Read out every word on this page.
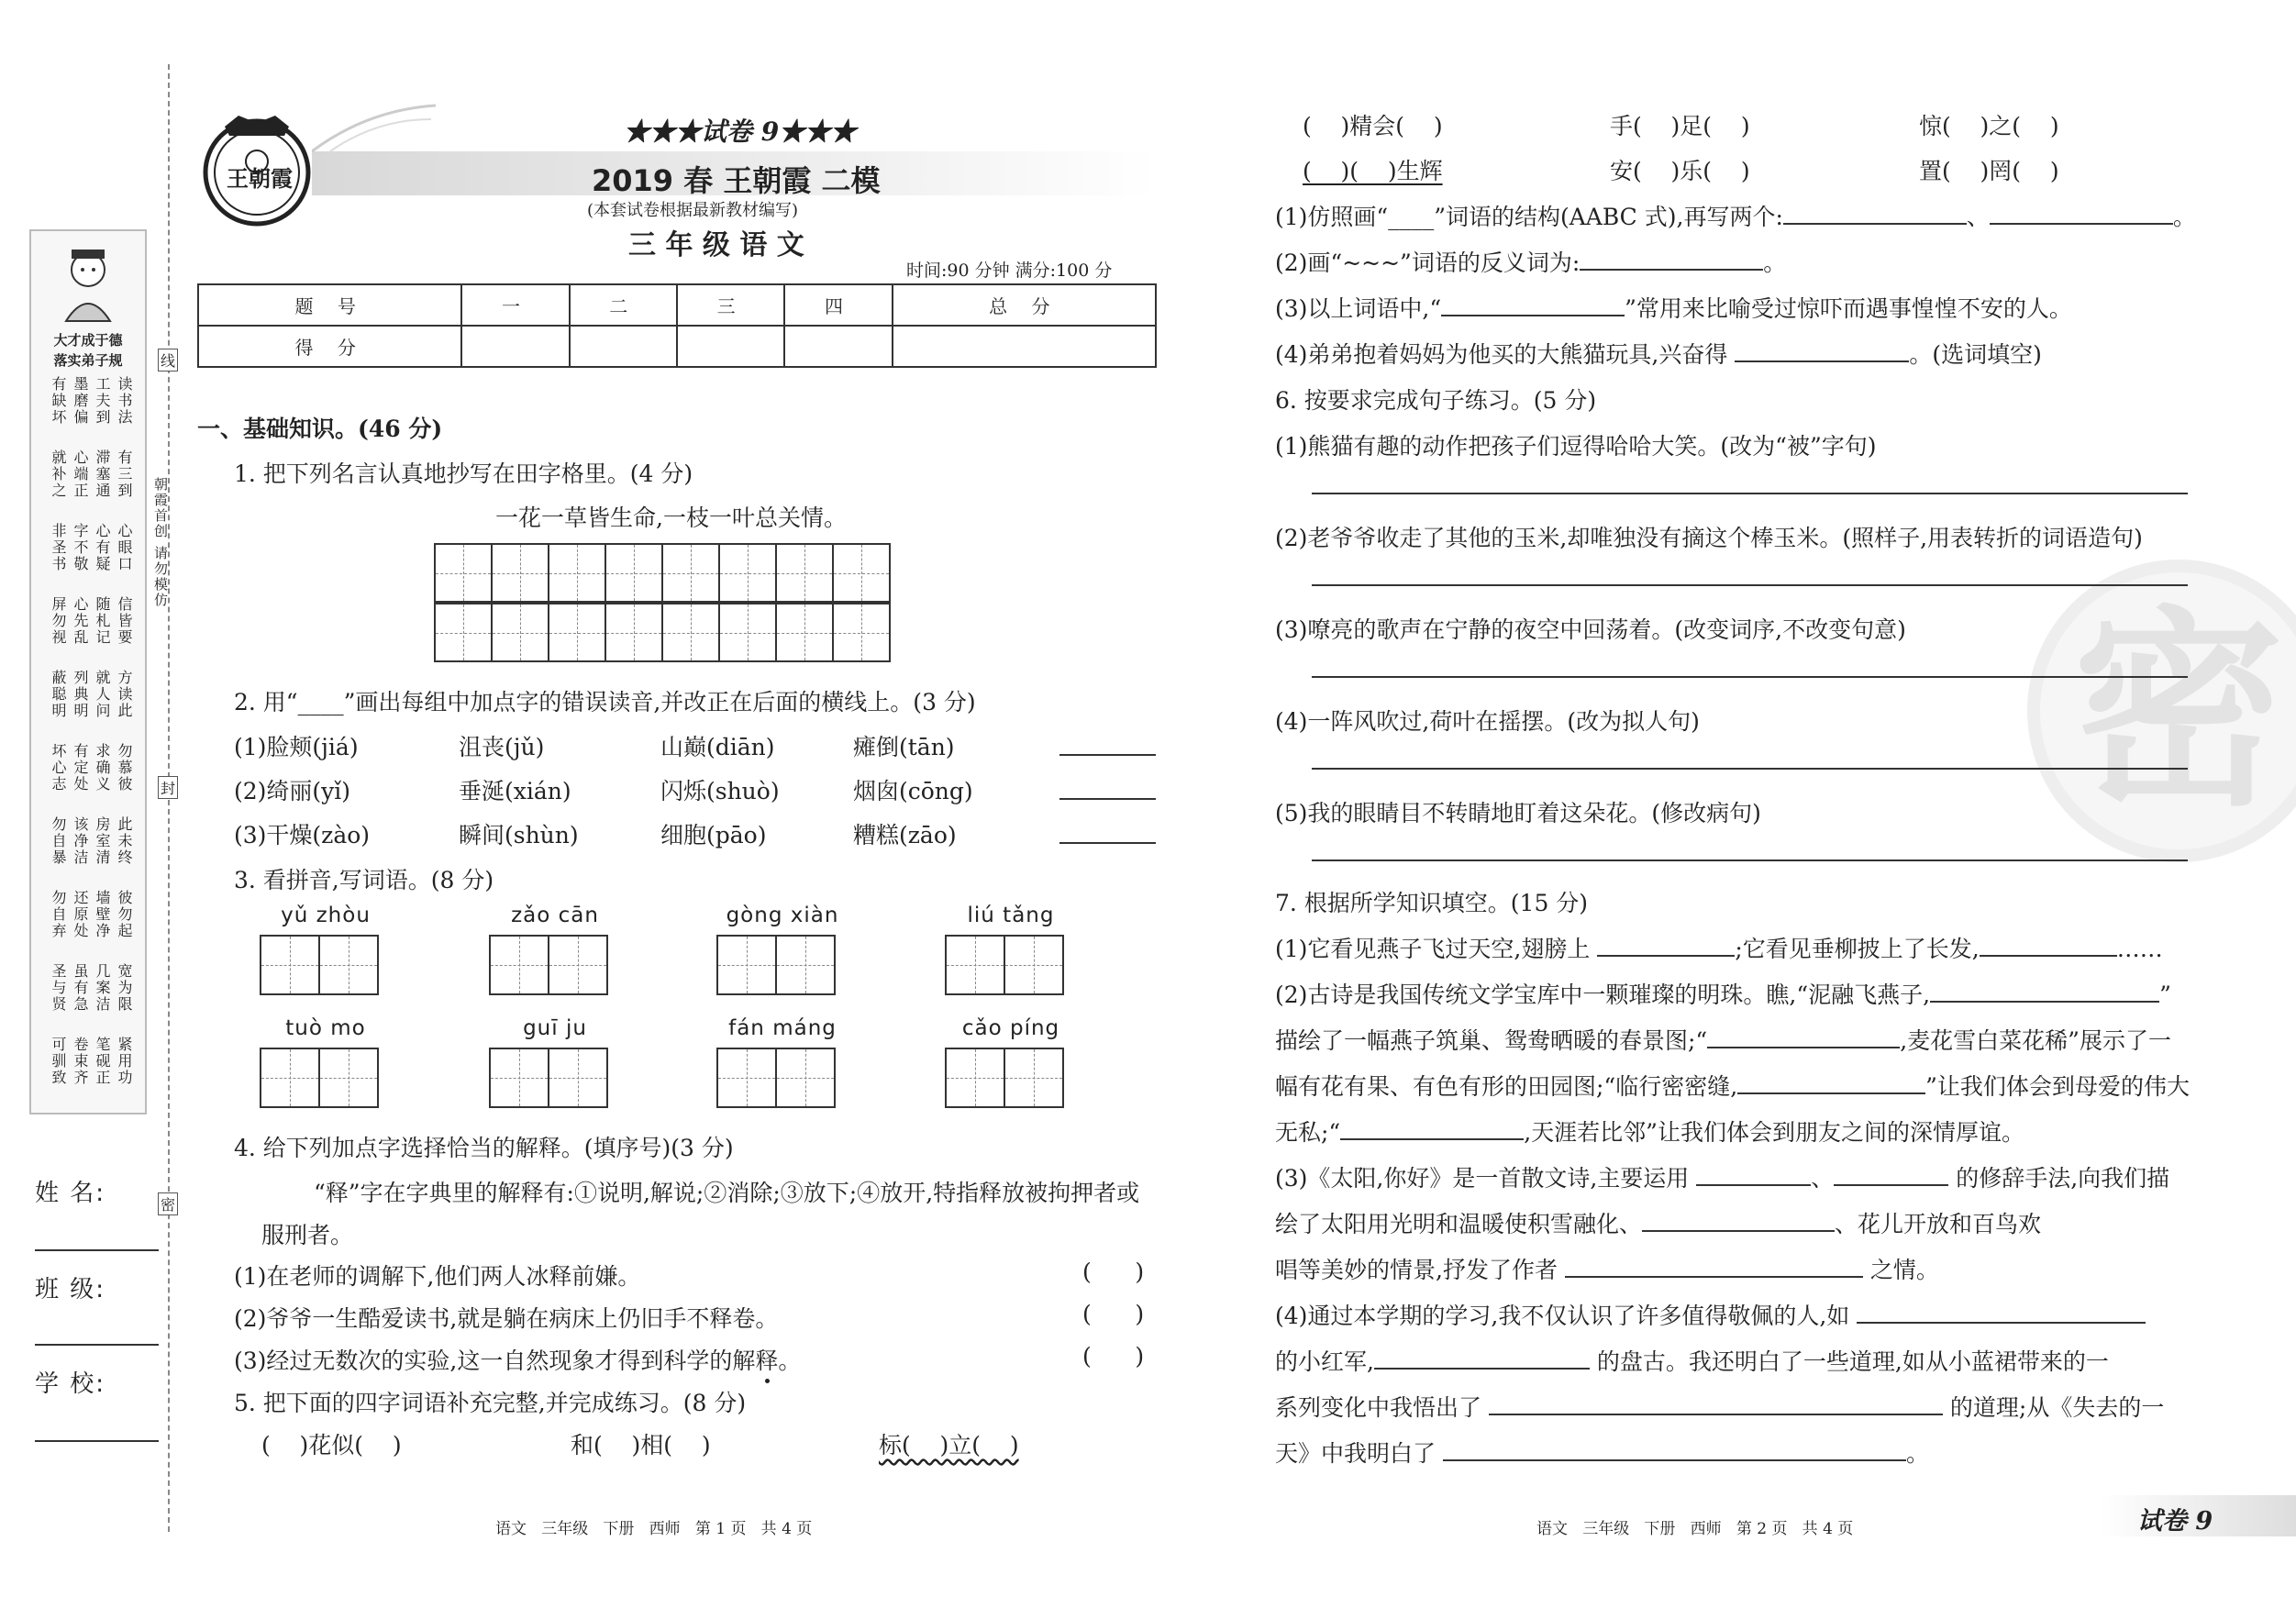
大才成于德
落实弟子规
读书法
工夫到
墨磨偏
有缺坏
有三到
滞塞通
心端正
就补之
心眼口
心有疑
字不敬
非圣书
信皆要
随札记
心先乱
屏勿视
方读此
就人问
列典明
蔽聪明
勿慕彼
求确义
有定处
坏心志
此未终
房室清
该净洁
勿自暴
彼勿起
墙壁净
还原处
勿自弃
宽为限
几案洁
虽有急
圣与贤
紧用功
笔砚正
卷束齐
可驯致
姓 名:
班 级:
学 校:
线
封
密
朝霞首创 请勿模仿
王朝霞
★★★试卷 9★★★
2019 春 王朝霞 二模
(本套试卷根据最新教材编写)
三 年 级 语 文
时间:90 分钟 满分:100 分
题 号	一	二	三	四	总 分
得 分					
一、基础知识。(46 分)
1. 把下列名言认真地抄写在田字格里。(4 分)
一花一草皆生命,一枝一叶总关情。
2. 用“____”画出每组中加点字的错误读音,并改正在后面的横线上。(3 分)
(1)脸颊(jiá)	沮丧(jǔ)	山巅(diān)	瘫倒(tān)
(2)绮丽(yǐ)	垂涎(xián)	闪烁(shuò)	烟囱(cōng)
(3)干燥(zào)	瞬间(shùn)	细胞(pāo)	糟糕(zāo)
3. 看拼音,写词语。(8 分)
yǔ zhòu	zǎo cān	gòng xiàn	liú tǎng
tuò mo	guī ju	fán máng	cǎo píng
4. 给下列加点字选择恰当的解释。(填序号)(3 分)
“释”字在字典里的解释有:①说明,解说;②消除;③放下;④放开,特指释放被拘押者或服刑者。
(1)在老师的调解下,他们两人冰释前嫌。
(2)爷爷一生酷爱读书,就是躺在病床上仍旧手不释卷。
(3)经过无数次的实验,这一自然现象才得到科学的解释。
(      )
(      )
(      )
5. 把下面的四字词语补充完整,并完成练习。(8 分)
(    )花似(    )	和(    )相(    )	标(    )立(    )
语文   三年级   下册   西师   第 1 页   共 4 页
密
(    )精会(    )	手(    )足(    )	惊(    )之(    )
(    )(    )生辉	安(    )乐(    )	置(    )罔(    )
(1)仿照画“____”词语的结构(AABC 式),再写两个:	、	。
(2)画“~~~”词语的反义词为:	。
(3)以上词语中,“	”常用来比喻受过惊吓而遇事惶惶不安的人。
(4)弟弟抱着妈妈为他买的大熊猫玩具,兴奋得	。(选词填空)
6. 按要求完成句子练习。(5 分)
(1)熊猫有趣的动作把孩子们逗得哈哈大笑。(改为“被”字句)
(2)老爷爷收走了其他的玉米,却唯独没有摘这个棒玉米。(照样子,用表转折的词语造句)
(3)嘹亮的歌声在宁静的夜空中回荡着。(改变词序,不改变句意)
(4)一阵风吹过,荷叶在摇摆。(改为拟人句)
(5)我的眼睛目不转睛地盯着这朵花。(修改病句)
7. 根据所学知识填空。(15 分)
(1)它看见燕子飞过天空,翅膀上	;它看见垂柳披上了长发,	……
(2)古诗是我国传统文学宝库中一颗璀璨的明珠。瞧,“泥融飞燕子,	”
描绘了一幅燕子筑巢、鸳鸯晒暖的春景图;“	,麦花雪白菜花稀”展示了一
幅有花有果、有色有形的田园图;“临行密密缝,	”让我们体会到母爱的伟大
无私;“	,天涯若比邻”让我们体会到朋友之间的深情厚谊。
(3)《太阳,你好》是一首散文诗,主要运用	、	的修辞手法,向我们描
绘了太阳用光明和温暖使积雪融化、	、花儿开放和百鸟欢
唱等美妙的情景,抒发了作者	之情。
(4)通过本学期的学习,我不仅认识了许多值得敬佩的人,如
的小红军,	的盘古。我还明白了一些道理,如从小蓝裙带来的一
系列变化中我悟出了	的道理;从《失去的一
天》中我明白了	。
语文   三年级   下册   西师   第 2 页   共 4 页	试卷 9
